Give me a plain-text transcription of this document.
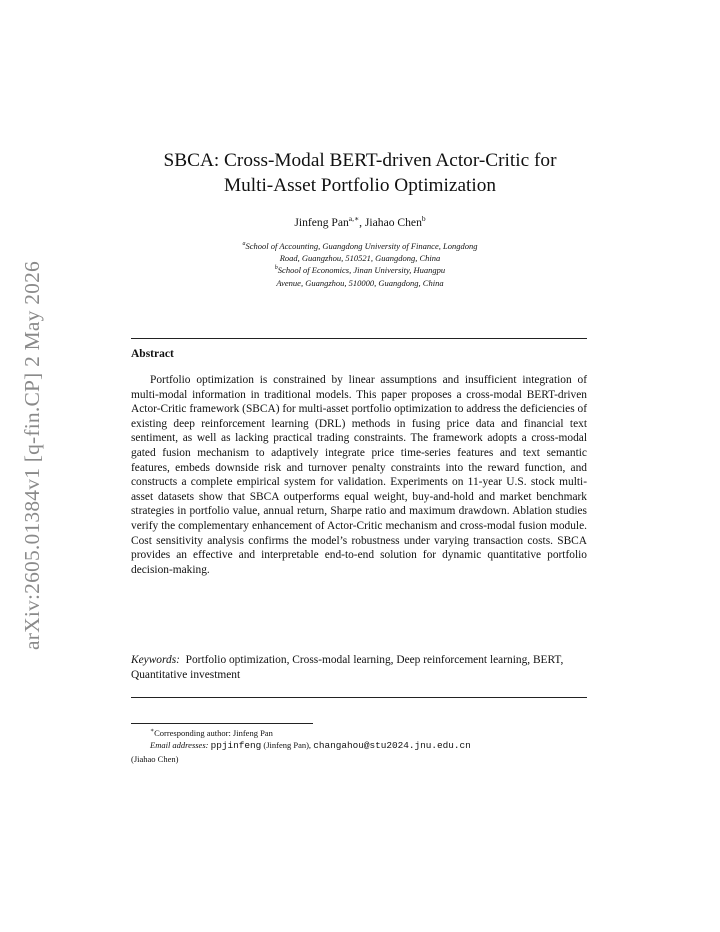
arXiv:2605.01384v1 [q-fin.CP] 2 May 2026
SBCA: Cross-Modal BERT-driven Actor-Critic for
Multi-Asset Portfolio Optimization
Jinfeng Pan$^{a,∗}$, Jiahao Chen$^b$
$^a$School of Accounting, Guangdong University of Finance, Longdong
Road, Guangzhou, 510521, Guangdong, China
$^b$School of Economics, Jinan University, Huangpu
Avenue, Guangzhou, 510000, Guangdong, China
Abstract

Portfolio optimization is constrained by linear assumptions and insufficient integration of multi-modal information in traditional models. This paper proposes a cross-modal BERT-driven Actor-Critic framework (SBCA) for multi-asset portfolio optimization to address the deficiencies of existing deep reinforcement learning (DRL) methods in fusing price data and financial text sentiment, as well as lacking practical trading constraints. The framework adopts a cross-modal gated fusion mechanism to adaptively integrate price time-series features and text semantic features, embeds downside risk and turnover penalty constraints into the reward function, and constructs a complete empirical system for validation. Experiments on 11-year U.S. stock multi-asset datasets show that SBCA outperforms equal weight, buy-and-hold and market benchmark strategies in portfolio value, annual return, Sharpe ratio and maximum drawdown. Ablation studies verify the complementary enhancement of Actor-Critic mechanism and cross-modal fusion module. Cost sensitivity analysis confirms the model’s robustness under varying transaction costs. SBCA provides an effective and interpretable end-to-end solution for dynamic quantitative portfolio decision-making.

Keywords: Portfolio optimization, Cross-modal learning, Deep reinforcement learning, BERT, Quantitative investment

∗Corresponding author: Jinfeng Pan
Email addresses: ppjinfeng (Jinfeng Pan), changahou@stu2024.jnu.edu.cn
(Jiahao Chen)
